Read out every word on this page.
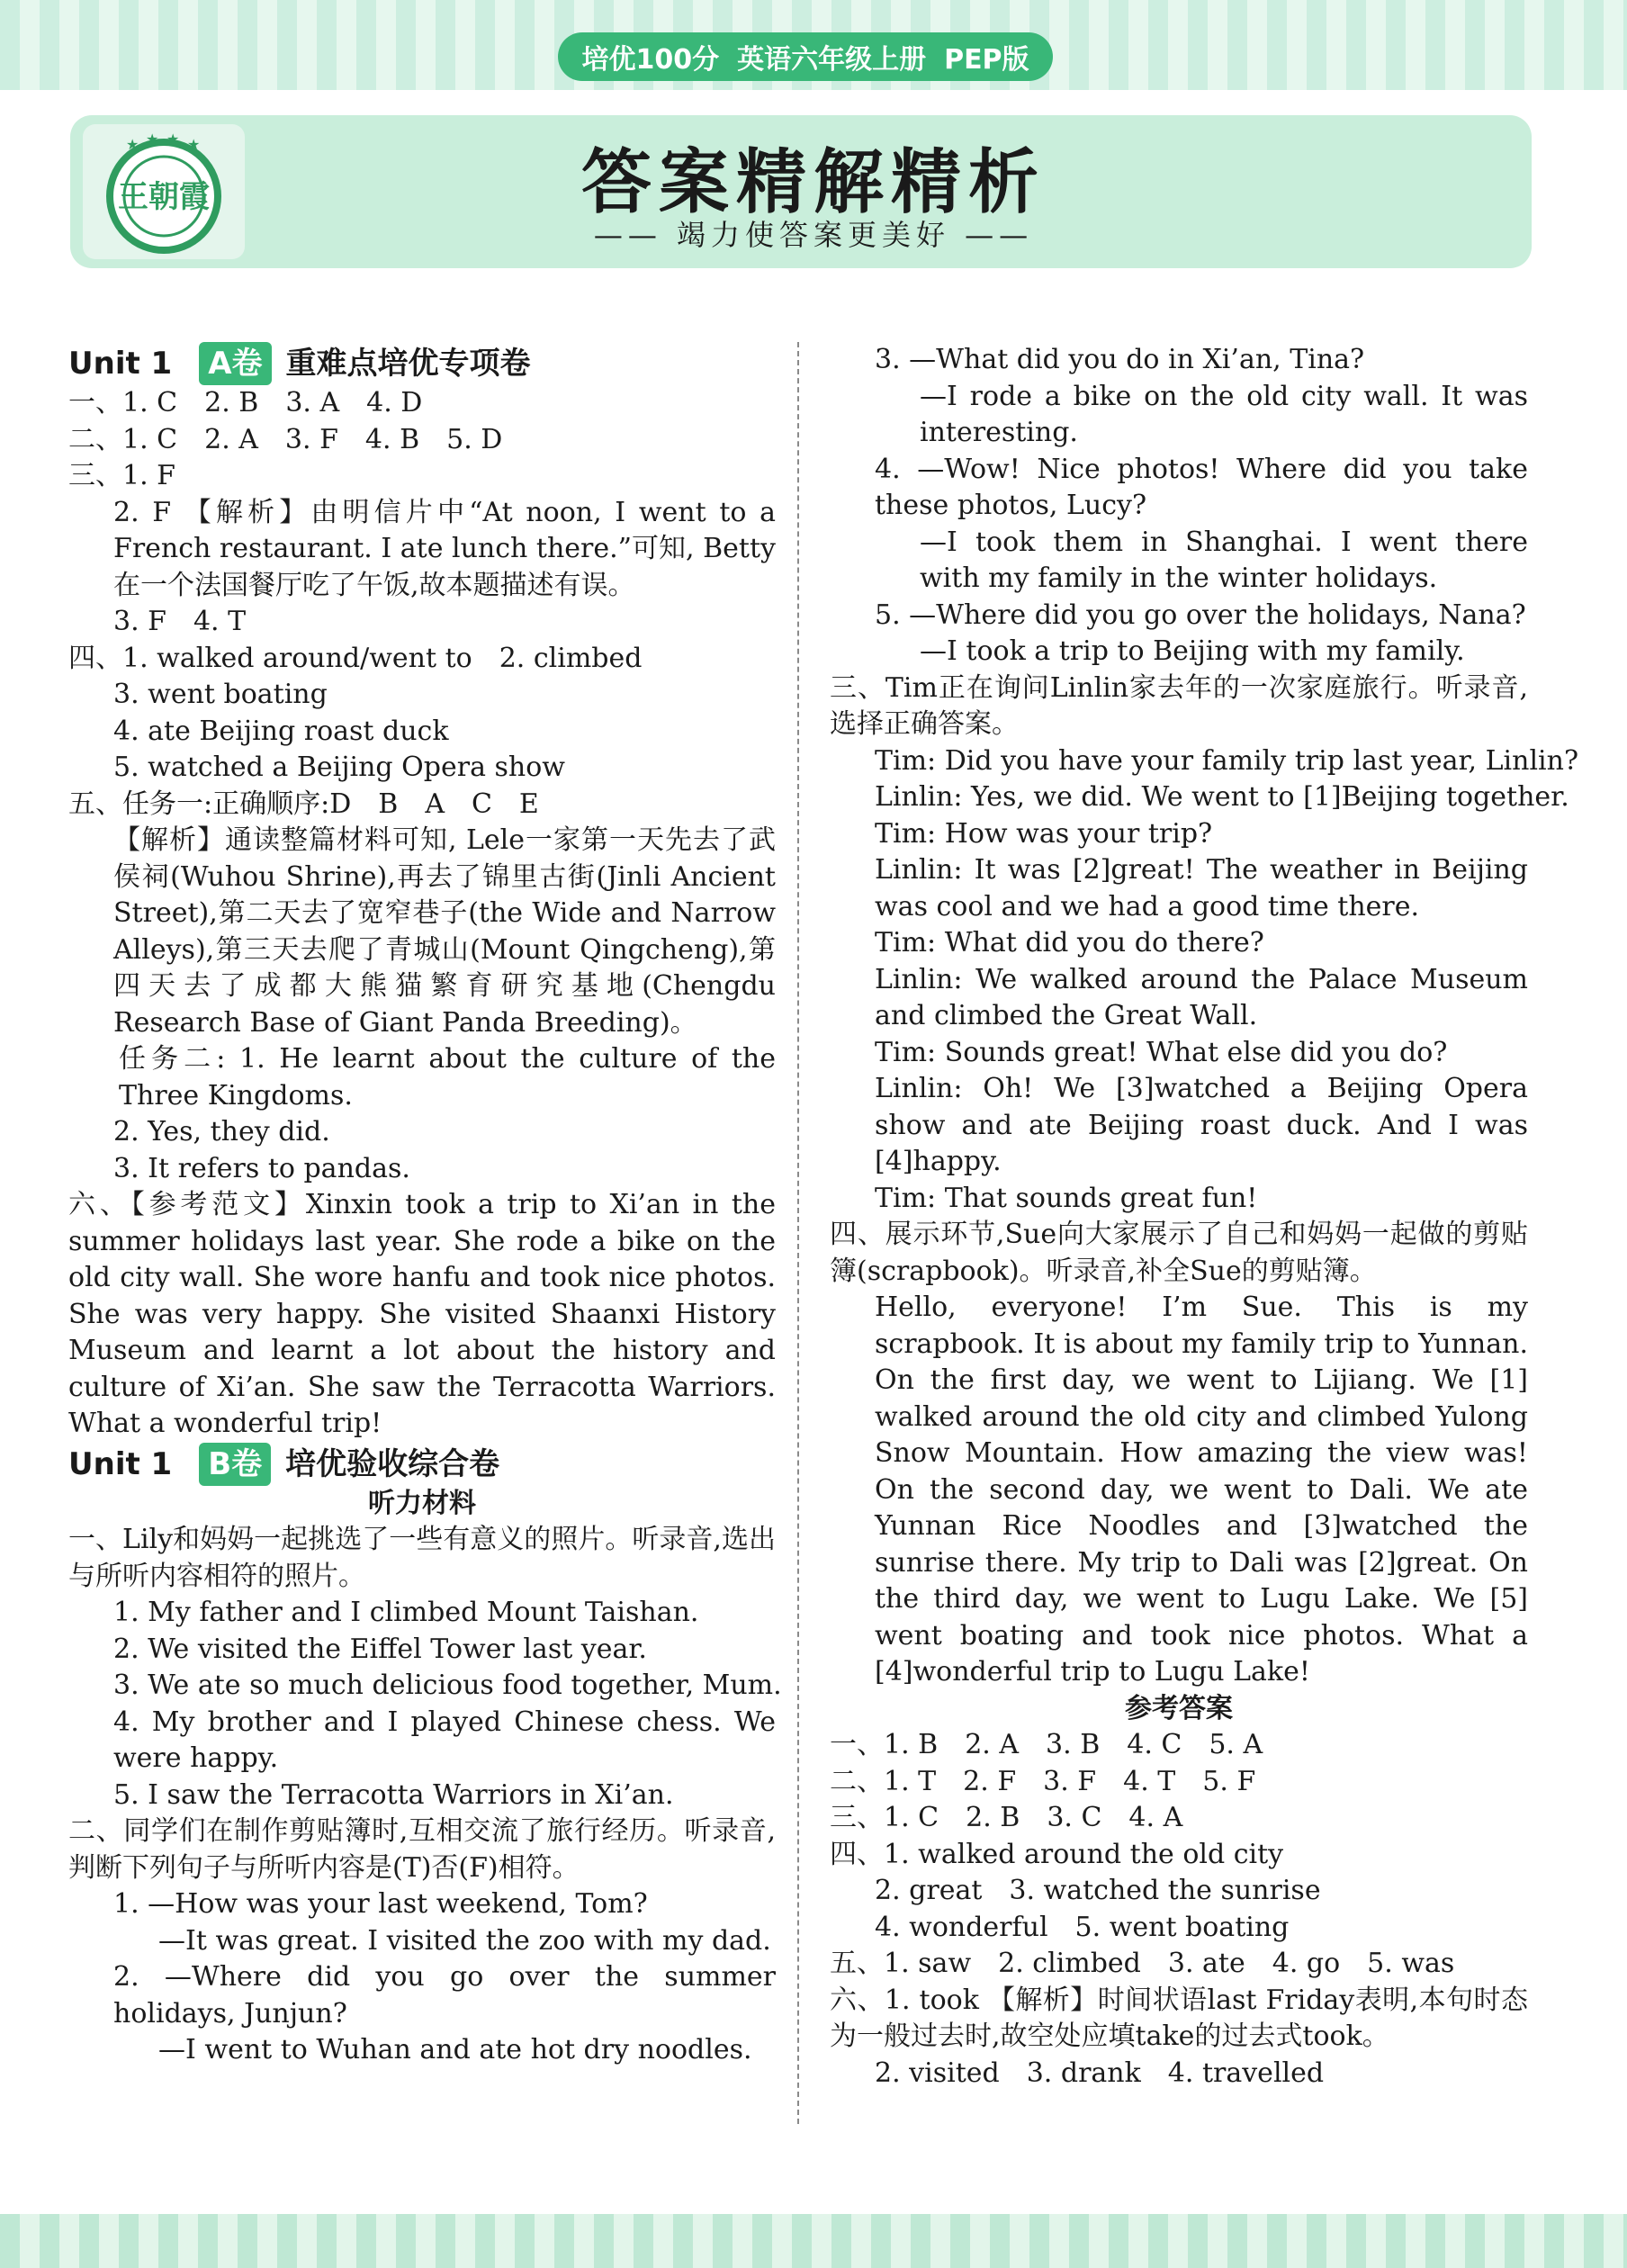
培优100分 英语六年级上册 PEP版
★ ★ ★ ★
王朝霞	答案精解精析
—— 竭力使答案更美好 ——
Unit 1 A卷 重难点培优专项卷
一、1. C　2. B　3. A　4. D
二、1. C　2. A　3. F　4. B　5. D
三、1. F
2. F 【解析】由明信片中“At noon, I went to a French restaurant. I ate lunch there.”可知, Betty在一个法国餐厅吃了午饭,故本题描述有误。
3. F　4. T
四、1. walked around/went to　2. climbed
3. went boating
4. ate Beijing roast duck
5. watched a Beijing Opera show
五、任务一:正确顺序:D　B　A　C　E
【解析】通读整篇材料可知, Lele一家第一天先去了武侯祠(Wuhou Shrine),再去了锦里古街(Jinli Ancient Street),第二天去了宽窄巷子(the Wide and Narrow Alleys),第三天去爬了青城山(Mount Qingcheng),第四天去了成都大熊猫繁育研究基地(Chengdu Research Base of Giant Panda Breeding)。
任务二: 1. He learnt about the culture of the Three Kingdoms.
2. Yes, they did.
3. It refers to pandas.
六、【参考范文】Xinxin took a trip to Xi’an in the summer holidays last year. She rode a bike on the old city wall. She wore hanfu and took nice photos. She was very happy. She visited Shaanxi History Museum and learnt a lot about the history and culture of Xi’an. She saw the Terracotta Warriors. What a wonderful trip!
Unit 1 B卷 培优验收综合卷
听力材料
一、Lily和妈妈一起挑选了一些有意义的照片。听录音,选出与所听内容相符的照片。
1. My father and I climbed Mount Taishan.
2. We visited the Eiffel Tower last year.
3. We ate so much delicious food together, Mum.
4. My brother and I played Chinese chess. We were happy.
5. I saw the Terracotta Warriors in Xi’an.
二、同学们在制作剪贴簿时,互相交流了旅行经历。听录音,判断下列句子与所听内容是(T)否(F)相符。
1. —How was your last weekend, Tom?
—It was great. I visited the zoo with my dad.
2. —Where did you go over the summer holidays, Junjun?
—I went to Wuhan and ate hot dry noodles.
3. —What did you do in Xi’an, Tina?
—I rode a bike on the old city wall. It was interesting.
4. —Wow! Nice photos! Where did you take these photos, Lucy?
—I took them in Shanghai. I went there with my family in the winter holidays.
5. —Where did you go over the holidays, Nana?
—I took a trip to Beijing with my family.
三、Tim正在询问Linlin家去年的一次家庭旅行。听录音,选择正确答案。
Tim: Did you have your family trip last year, Linlin?
Linlin: Yes, we did. We went to [1]Beijing together.
Tim: How was your trip?
Linlin: It was [2]great! The weather in Beijing was cool and we had a good time there.
Tim: What did you do there?
Linlin: We walked around the Palace Museum and climbed the Great Wall.
Tim: Sounds great! What else did you do?
Linlin: Oh! We [3]watched a Beijing Opera show and ate Beijing roast duck. And I was [4]happy.
Tim: That sounds great fun!
四、展示环节,Sue向大家展示了自己和妈妈一起做的剪贴簿(scrapbook)。听录音,补全Sue的剪贴簿。
Hello, everyone! I’m Sue. This is my scrapbook. It is about my family trip to Yunnan. On the first day, we went to Lijiang. We [1] walked around the old city and climbed Yulong Snow Mountain. How amazing the view was! On the second day, we went to Dali. We ate Yunnan Rice Noodles and [3]watched the sunrise there. My trip to Dali was [2]great. On the third day, we went to Lugu Lake. We [5] went boating and took nice photos. What a [4]wonderful trip to Lugu Lake!
参考答案
一、1. B　2. A　3. B　4. C　5. A
二、1. T　2. F　3. F　4. T　5. F
三、1. C　2. B　3. C　4. A
四、1. walked around the old city
2. great　3. watched the sunrise
4. wonderful　5. went boating
五、1. saw　2. climbed　3. ate　4. go　5. was
六、1. took 【解析】时间状语last Friday表明,本句时态为一般过去时,故空处应填take的过去式took。
2. visited　3. drank　4. travelled
